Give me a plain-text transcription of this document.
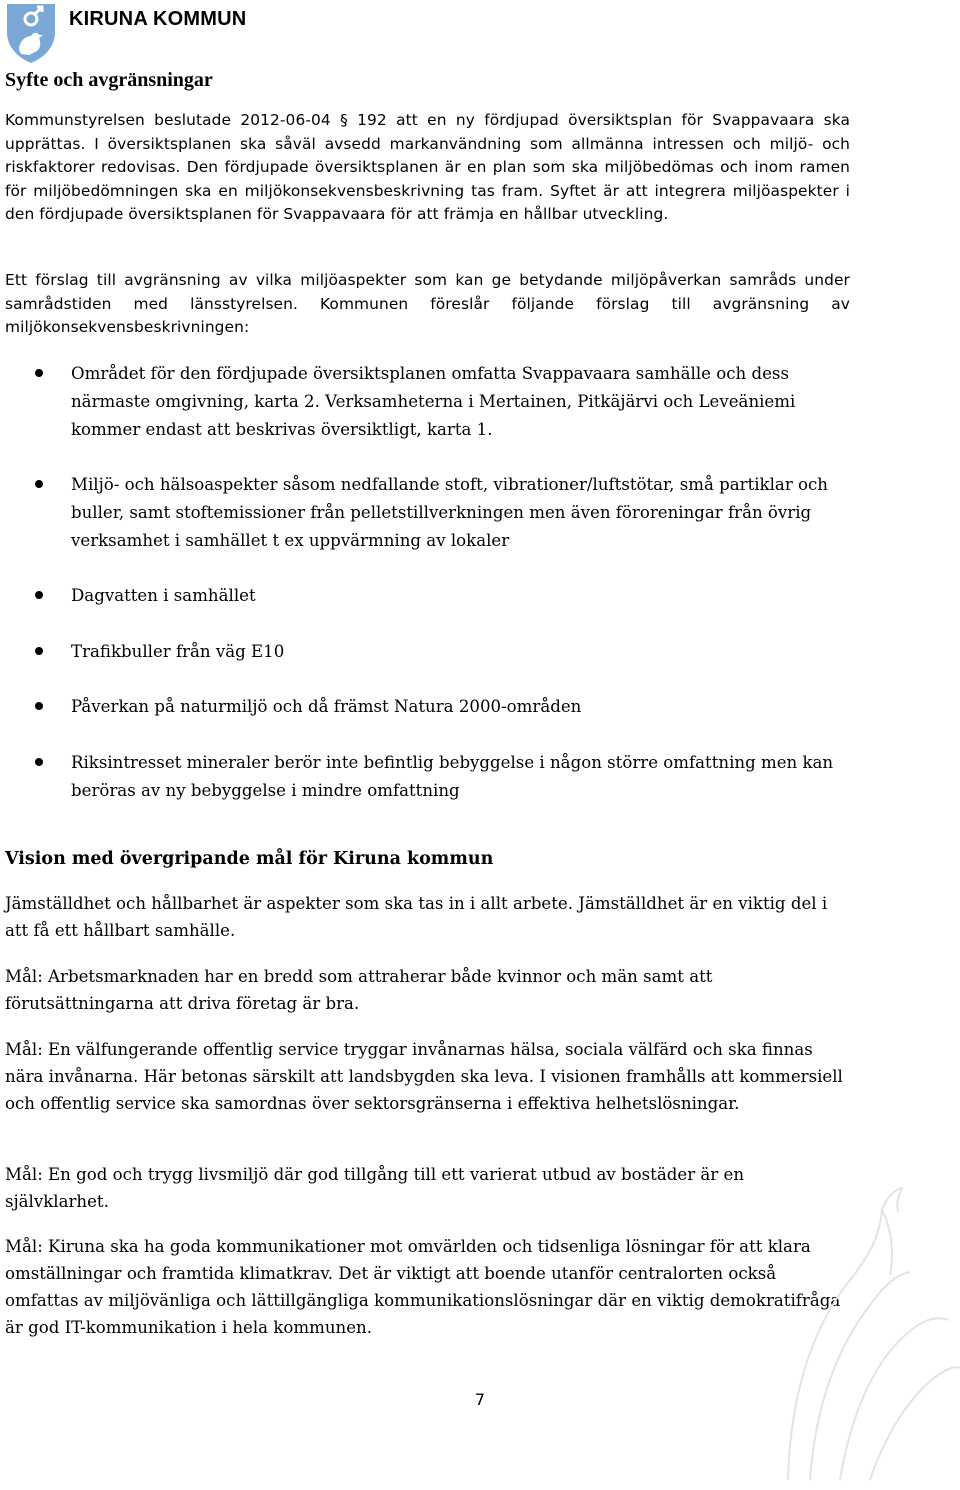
KIRUNA KOMMUN
Syfte och avgränsningar

Kommunstyrelsen beslutade 2012-06-04 § 192 att en ny fördjupad översiktsplan för Svappavaara ska upprättas. I översiktsplanen ska såväl avsedd markanvändning som allmänna intressen och miljö- och riskfaktorer redovisas. Den fördjupade översiktsplanen är en plan som ska miljöbedömas och inom ramen för miljöbedömningen ska en miljökonsekvensbeskrivning tas fram. Syftet är att integrera miljöaspekter i den fördjupade översiktsplanen för Svappavaara för att främja en hållbar utveckling.

Ett förslag till avgränsning av vilka miljöaspekter som kan ge betydande miljöpåverkan samråds under samrådstiden med länsstyrelsen. Kommunen föreslår följande förslag till avgränsning av miljökonsekvensbeskrivningen:

Området för den fördjupade översiktsplanen omfatta Svappavaara samhälle och dess närmaste omgivning, karta 2. Verksamheterna i Mertainen, Pitkäjärvi och Leveäniemi kommer endast att beskrivas översiktligt, karta 1.
Miljö- och hälsoaspekter såsom nedfallande stoft, vibrationer/luftstötar, små partiklar och buller, samt stoftemissioner från pelletstillverkningen men även föroreningar från övrig verksamhet i samhället t ex uppvärmning av lokaler
Dagvatten i samhället
Trafikbuller från väg E10
Påverkan på naturmiljö och då främst Natura 2000-områden
Riksintresset mineraler berör inte befintlig bebyggelse i någon större omfattning men kan beröras av ny bebyggelse i mindre omfattning
Vision med övergripande mål för Kiruna kommun

Jämställdhet och hållbarhet är aspekter som ska tas in i allt arbete. Jämställdhet är en viktig del i att få ett hållbart samhälle.

Mål: Arbetsmarknaden har en bredd som attraherar både kvinnor och män samt att förutsättningarna att driva företag är bra.

Mål: En välfungerande offentlig service tryggar invånarnas hälsa, sociala välfärd och ska finnas nära invånarna. Här betonas särskilt att landsbygden ska leva. I visionen framhålls att kommersiell och offentlig service ska samordnas över sektorsgränserna i effektiva helhetslösningar.

Mål: En god och trygg livsmiljö där god tillgång till ett varierat utbud av bostäder är en självklarhet.

Mål: Kiruna ska ha goda kommunikationer mot omvärlden och tidsenliga lösningar för att klara omställningar och framtida klimatkrav. Det är viktigt att boende utanför centralorten också omfattas av miljövänliga och lättillgängliga kommunikationslösningar där en viktig demokratifråga är god IT-kommunikation i hela kommunen.

7
